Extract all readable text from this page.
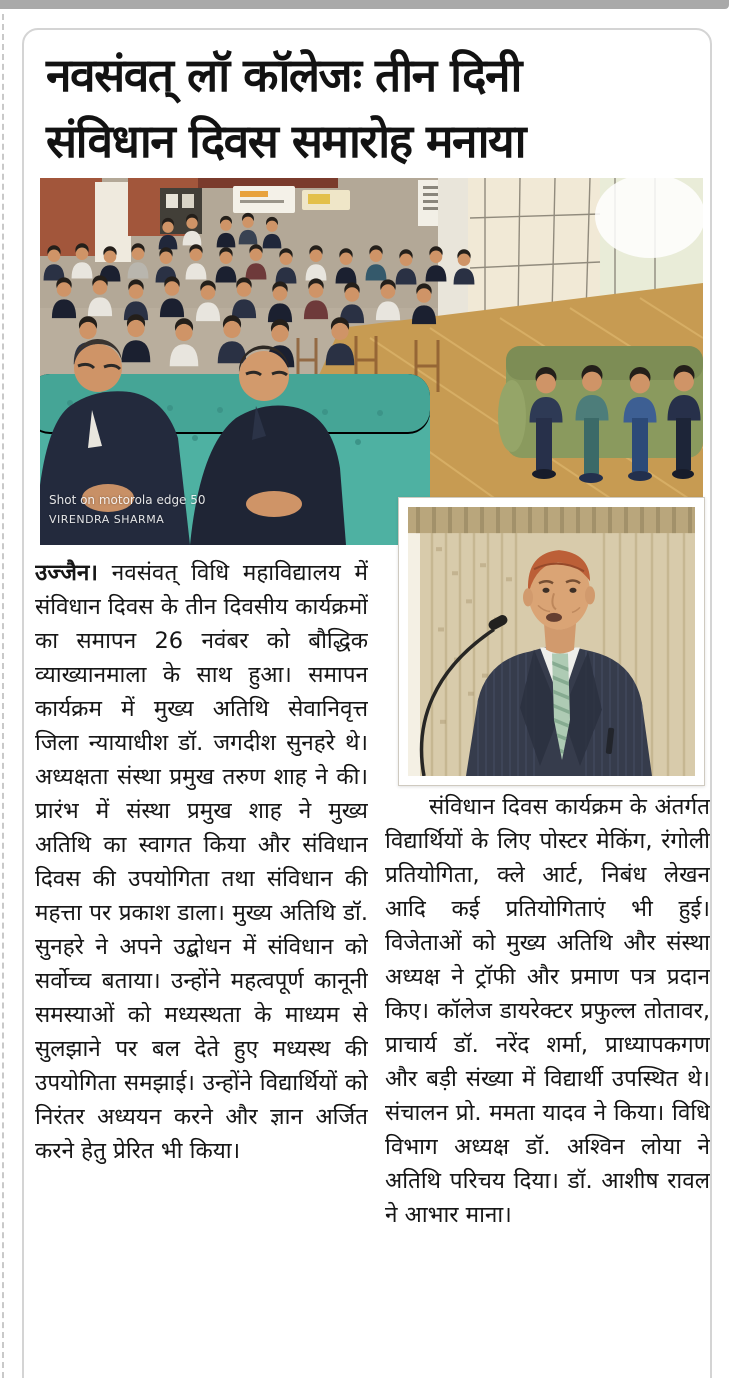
नवसंवत् लॉ कॉलेजः तीन दिनी
संविधान दिवस समारोह मनाया
Shot on motorola edge 50
VIRENDRA SHARMA

उज्जैन। नवसंवत् विधि महाविद्यालय में संविधान दिवस के तीन दिवसीय कार्यक्रमों का समापन 26 नवंबर को बौद्धिक व्याख्यानमाला के साथ हुआ। समापन कार्यक्रम में मुख्य अतिथि सेवानिवृत्त जिला न्यायाधीश डॉ. जगदीश सुनहरे थे। अध्यक्षता संस्था प्रमुख तरुण शाह ने की। प्रारंभ में संस्था प्रमुख शाह ने मुख्य अतिथि का स्वागत किया और संविधान दिवस की उपयोगिता तथा संविधान की महत्ता पर प्रकाश डाला। मुख्य अतिथि डॉ. सुनहरे ने अपने उद्बोधन में संविधान को सर्वोच्च बताया। उन्होंने महत्वपूर्ण कानूनी समस्याओं को मध्यस्थता के माध्यम से सुलझाने पर बल देते हुए मध्यस्थ की उपयोगिता समझाई। उन्होंने विद्यार्थियों को निरंतर अध्ययन करने और ज्ञान अर्जित करने हेतु प्रेरित भी किया।

संविधान दिवस कार्यक्रम के अंतर्गत विद्यार्थियों के लिए पोस्टर मेकिंग, रंगोली प्रतियोगिता, क्ले आर्ट, निबंध लेखन आदि कई प्रतियोगिताएं भी हुई। विजेताओं को मुख्य अतिथि और संस्था अध्यक्ष ने ट्रॉफी और प्रमाण पत्र प्रदान किए। कॉलेज डायरेक्टर प्रफुल्ल तोतावर, प्राचार्य डॉ. नरेंद शर्मा, प्राध्यापकगण और बड़ी संख्या में विद्यार्थी उपस्थित थे। संचालन प्रो. ममता यादव ने किया। विधि विभाग अध्यक्ष डॉ. अश्विन लोया ने अतिथि परिचय दिया। डॉ. आशीष रावल ने आभार माना।
